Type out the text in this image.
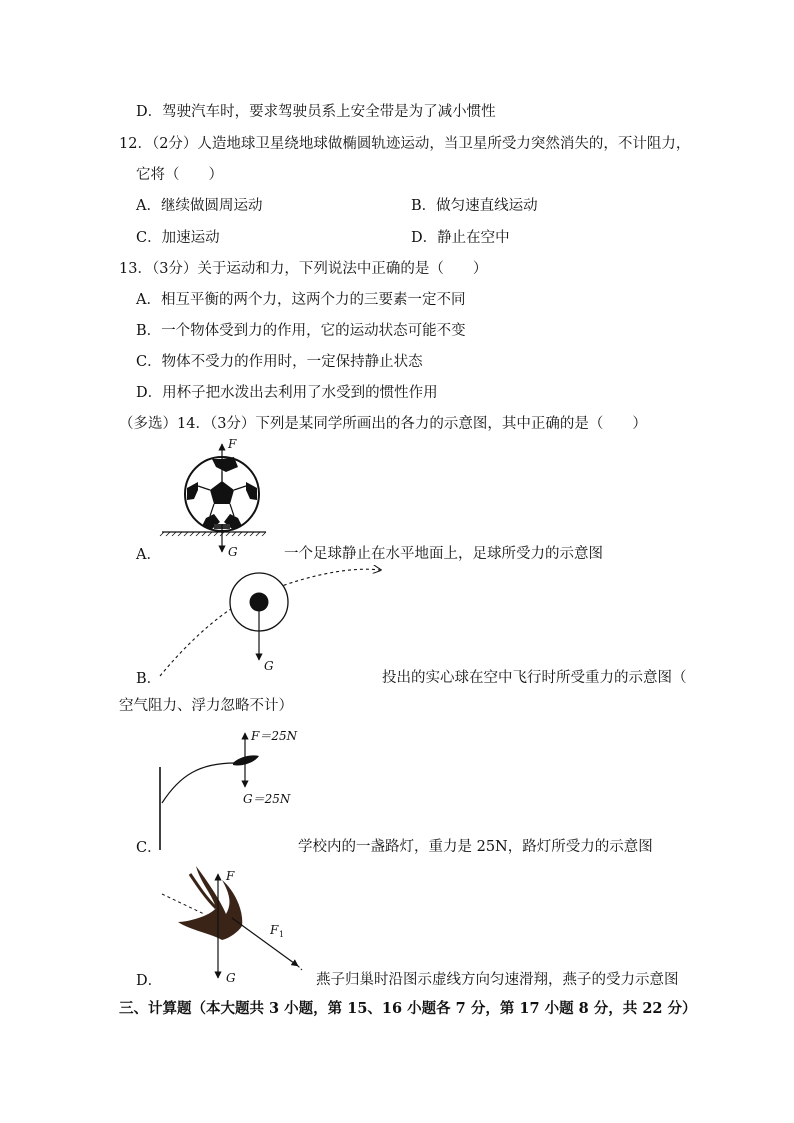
D．驾驶汽车时，要求驾驶员系上安全带是为了减小惯性
12．（2分）人造地球卫星绕地球做椭圆轨迹运动，当卫星所受力突然消失的，不计阻力，
它将（　　）
A．继续做圆周运动	B．做匀速直线运动
C．加速运动	D．静止在空中
13．（3分）关于运动和力，下列说法中正确的是（　　）
A．相互平衡的两个力，这两个力的三要素一定不同
B．一个物体受到力的作用，它的运动状态可能不变
C．物体不受力的作用时，一定保持静止状态
D．用杯子把水泼出去利用了水受到的惯性作用
（多选）14．（3分）下列是某同学所画出的各力的示意图，其中正确的是（　　）
F
G
A．	一个足球静止在水平地面上，足球所受力的示意图
G
B．	投出的实心球在空中飞行时所受重力的示意图（
空气阻力、浮力忽略不计）
F＝25N
G＝25N
C．	学校内的一盏路灯，重力是 25N，路灯所受力的示意图
F
G
F 1
D．	燕子归巢时沿图示虚线方向匀速滑翔，燕子的受力示意图
三、计算题（本大题共 3 小题，第 15、16 小题各 7 分，第 17 小题 8 分，共 22 分）
